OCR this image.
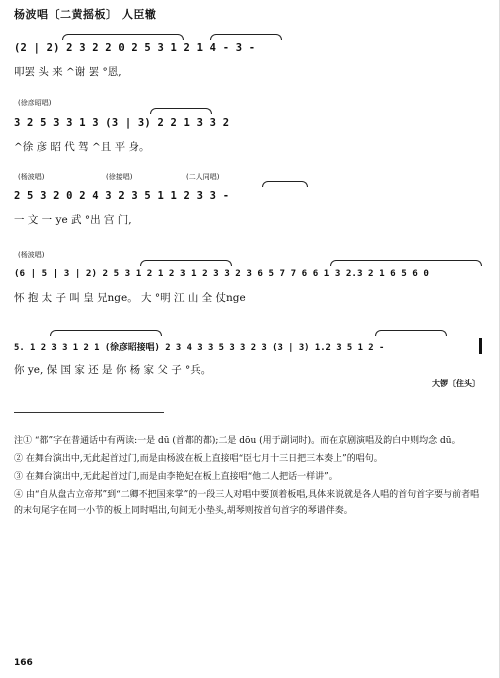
杨波唱〔二黄摇板〕 人臣辙
(2 | 2) 2 3 2 2 0 2 5 3 1 2 1 4 - 3 -
叩罢 头 来 ^谢 罢 °恩,
(徐彦昭唱)
3 2 5 3 3 1 3 (3 | 3) 2 2 1 3 3 2
^徐 彦 昭 代 驾 ^且 平 身。
(杨波唱)	(徐接唱)	(二人同唱)
2 5 3 2 0 2 4 3 2 3 5 1 1 2 3 3 -
一 文 一 ye 武 °出 宫 门,
(杨波唱)
(6 | 5 | 3 | 2) 2 5 3 1 2 1 2 3 1 2 3 3 2 3 6 5 7 7 6 6 1 3 2.3 2 1 6 5 6 0
怀 抱 太 子 叫 皇 兄nge。 大 °明 江 山 全 仗nge
5. 1 2 3 3 1 2 1 (徐彦昭接唱) 2 3 4 3 3 5 3 3 2 3 (3 | 3) 1.2 3 5 1 2 -
你 ye, 保 国 家 还 是 你 杨 家 父 子 °兵。
大锣〔住头〕

注① “都”字在普通话中有两读:一是 dū (首都的都);二是 dōu (用于副词时)。而在京剧演唱及韵白中则均念 dū。

② 在舞台演出中,无此起首过门,而是由杨波在板上直接唱“臣七月十三日把三本奏上”的唱句。

③ 在舞台演出中,无此起首过门,而是由李艳妃在板上直接唱“他二人把话一样讲”。

④ 由“自从盘古立帝邦”到“二卿不把国来掌”的一段三人对唱中要顶着板唱,具体来说就是各人唱的首句首字要与前者唱的末句尾字在同一小节的板上同时唱出,句间无小垫头,胡琴则按首句首字的琴谱伴奏。

166
